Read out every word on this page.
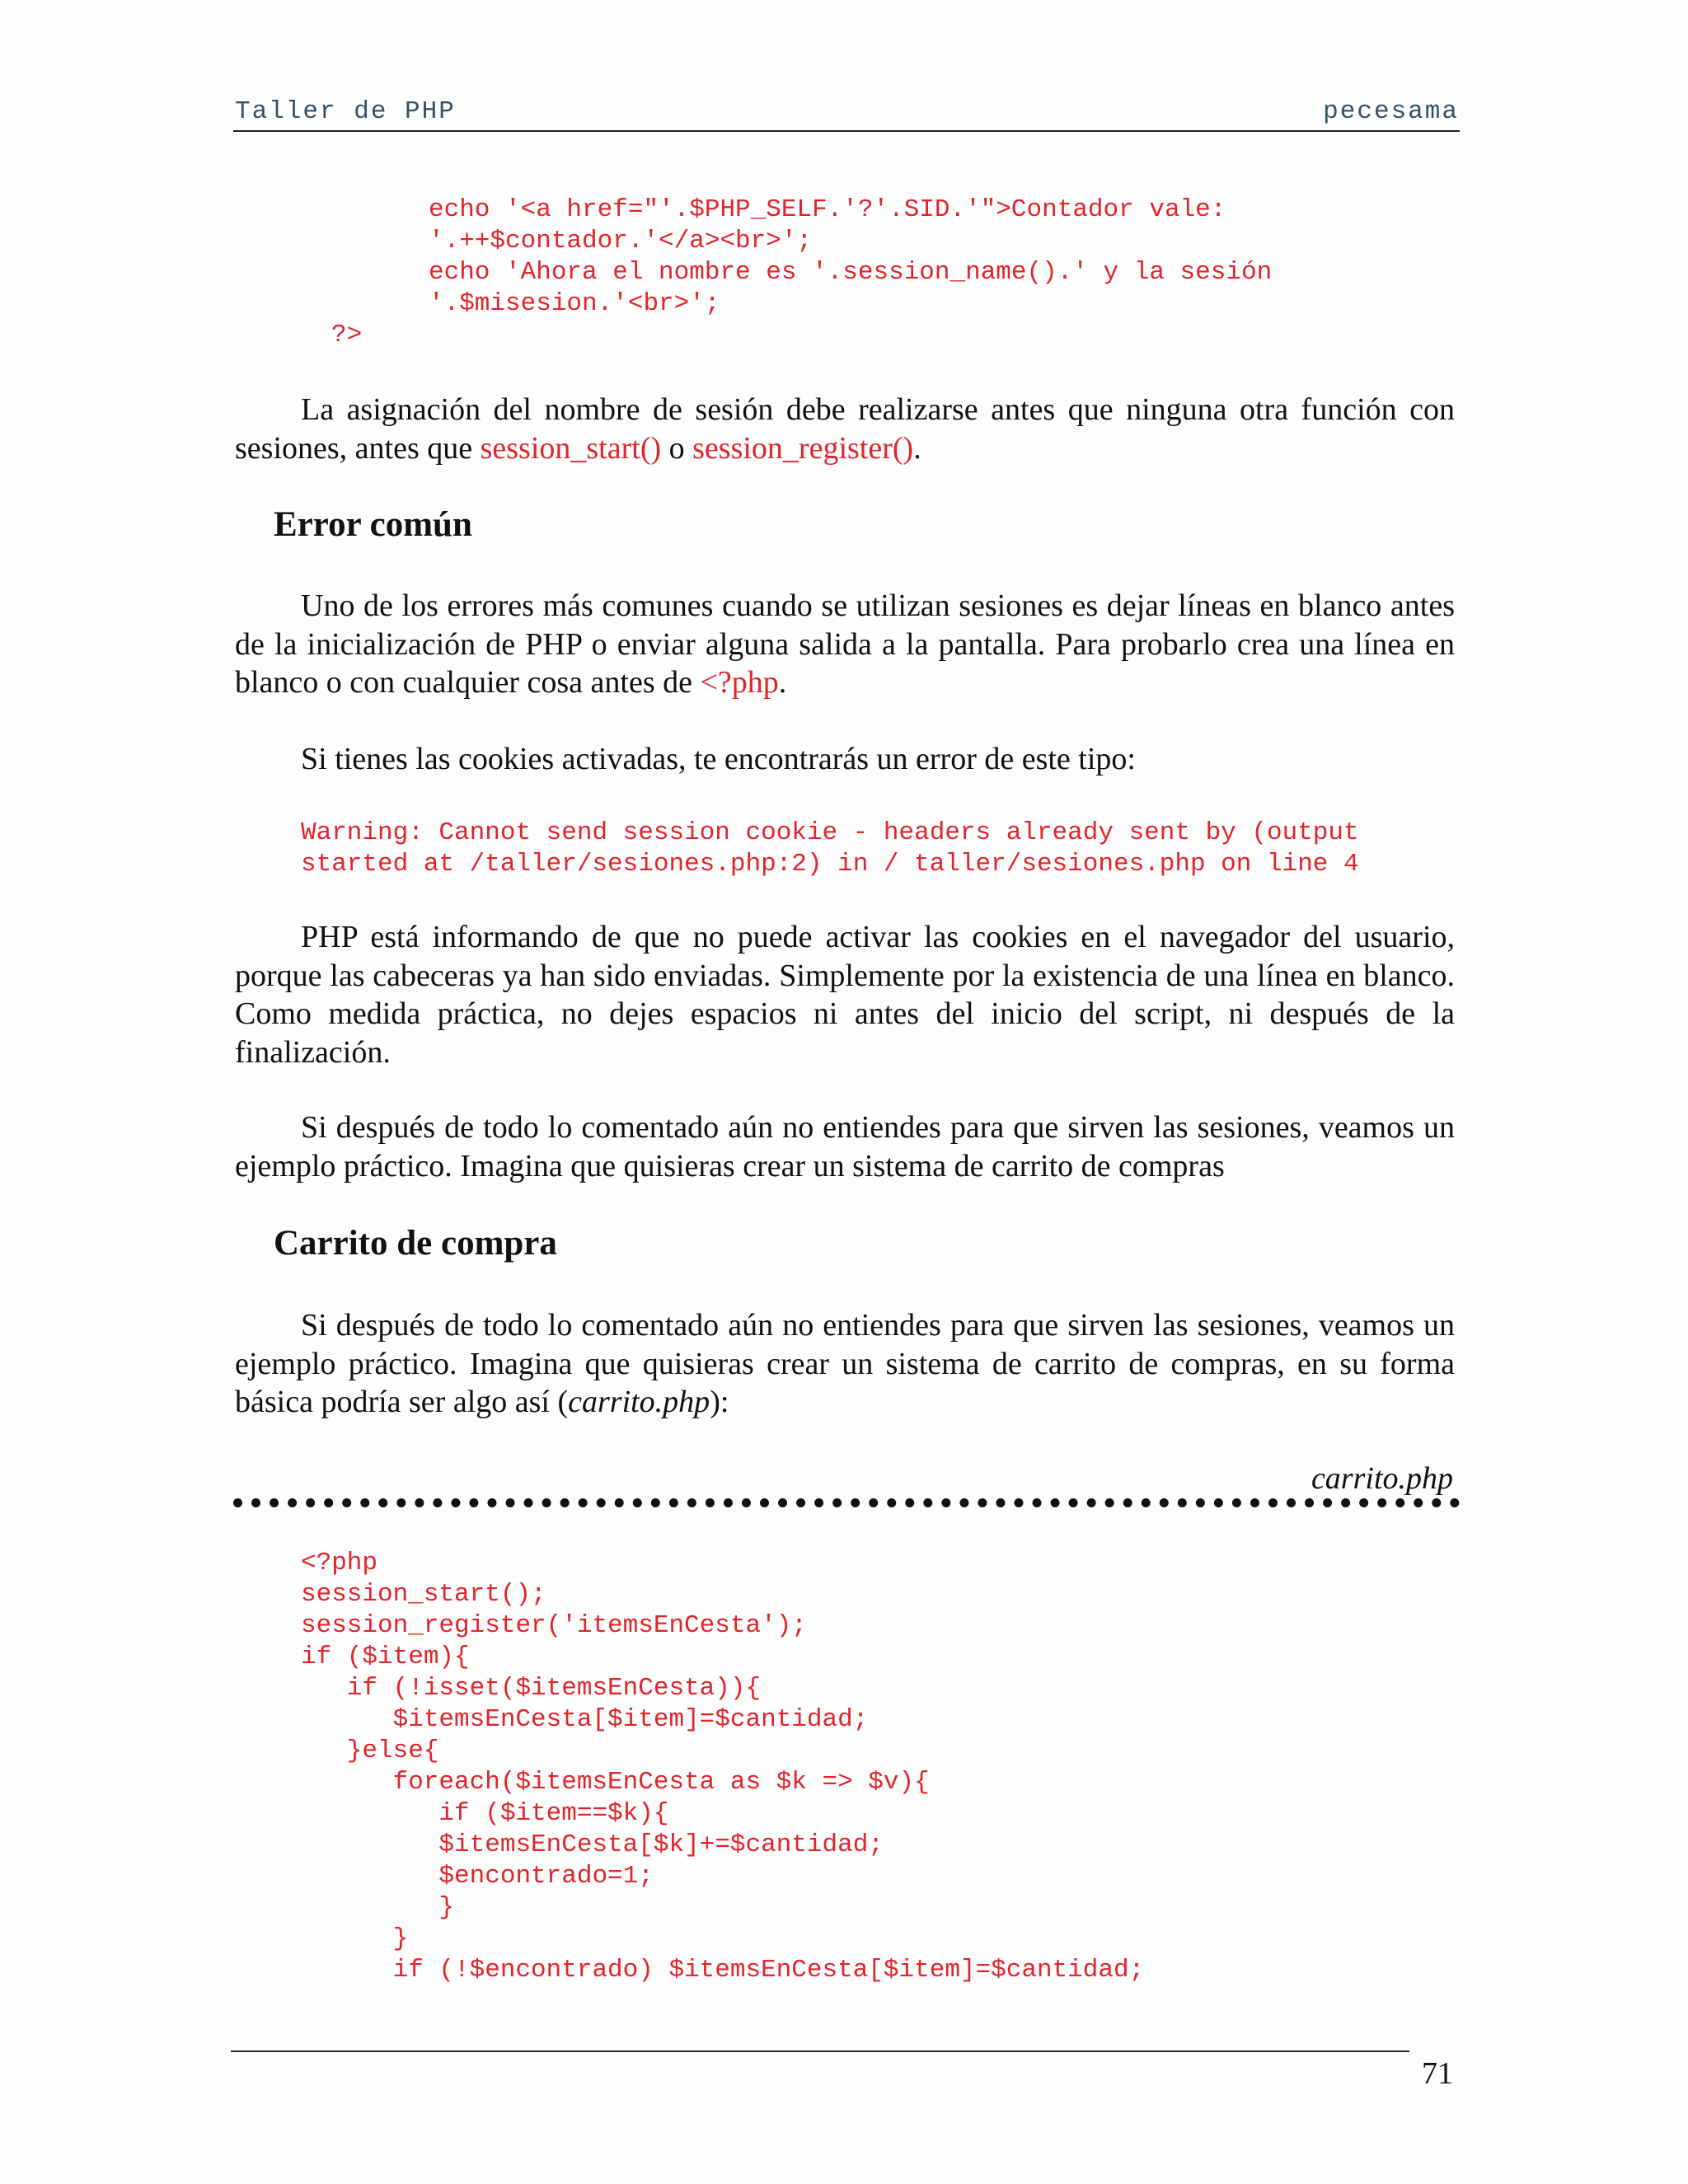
Taller de PHP	pecesama
echo '<a href="'.$PHP_SELF.'?'.SID.'">Contador vale:
'.++$contador.'</a><br>';
echo 'Ahora el nombre es '.session_name().' y la sesión
'.$misesion.'<br>';
?>

La asignación del nombre de sesión debe realizarse antes que ninguna otra función con sesiones, antes que session_start() o session_register().

Error común

Uno de los errores más comunes cuando se utilizan sesiones es dejar líneas en blanco antes de la inicialización de PHP o enviar alguna salida a la pantalla. Para probarlo crea una línea en blanco o con cualquier cosa antes de <?php.

Si tienes las cookies activadas, te encontrarás un error de este tipo:

Warning: Cannot send session cookie - headers already sent by (output
started at /taller/sesiones.php:2) in / taller/sesiones.php on line 4

PHP está informando de que no puede activar las cookies en el navegador del usuario, porque las cabeceras ya han sido enviadas. Simplemente por la existencia de una línea en blanco. Como medida práctica, no dejes espacios ni antes del inicio del script, ni después de la finalización.

Si después de todo lo comentado aún no entiendes para que sirven las sesiones, veamos un ejemplo práctico. Imagina que quisieras crear un sistema de carrito de compras

Carrito de compra

Si después de todo lo comentado aún no entiendes para que sirven las sesiones, veamos un ejemplo práctico. Imagina que quisieras crear un sistema de carrito de compras, en su forma básica podría ser algo así (carrito.php):

carrito.php
<?php
session_start();
session_register('itemsEnCesta');
if ($item){
if (!isset($itemsEnCesta)){
$itemsEnCesta[$item]=$cantidad;
}else{
foreach($itemsEnCesta as $k => $v){
if ($item==$k){
$itemsEnCesta[$k]+=$cantidad;
$encontrado=1;
}
}
if (!$encontrado) $itemsEnCesta[$item]=$cantidad;
71
